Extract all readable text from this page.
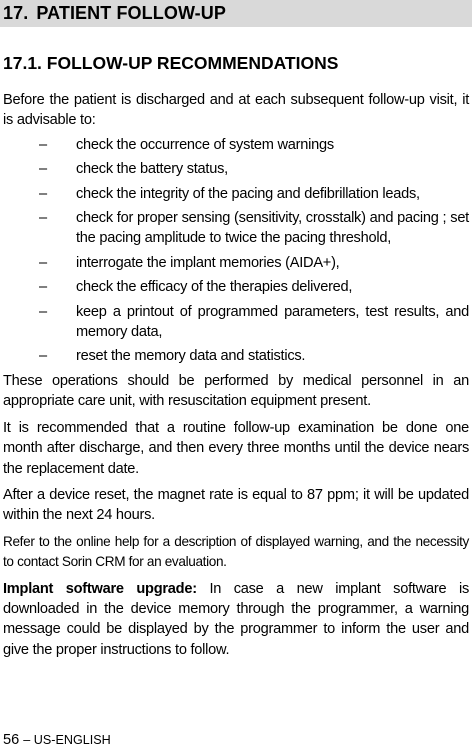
17. PATIENT FOLLOW-UP
17.1. FOLLOW-UP RECOMMENDATIONS

Before the patient is discharged and at each subsequent follow-up visit, it is advisable to:

– check the occurrence of system warnings
– check the battery status,
– check the integrity of the pacing and defibrillation leads,
– check for proper sensing (sensitivity, crosstalk) and pacing ; set the pacing amplitude to twice the pacing threshold,
– interrogate the implant memories (AIDA+),
– check the efficacy of the therapies delivered,
– keep a printout of programmed parameters, test results, and memory data,
– reset the memory data and statistics.

These operations should be performed by medical personnel in an appropriate care unit, with resuscitation equipment present.

It is recommended that a routine follow-up examination be done one month after discharge, and then every three months until the device nears the replacement date.

After a device reset, the magnet rate is equal to 87 ppm; it will be updated within the next 24 hours.

Refer to the online help for a description of displayed warning, and the necessity to contact Sorin CRM for an evaluation.

Implant software upgrade: In case a new implant software is downloaded in the device memory through the programmer, a warning message could be displayed by the programmer to inform the user and give the proper instructions to follow.

56 – US-ENGLISH
